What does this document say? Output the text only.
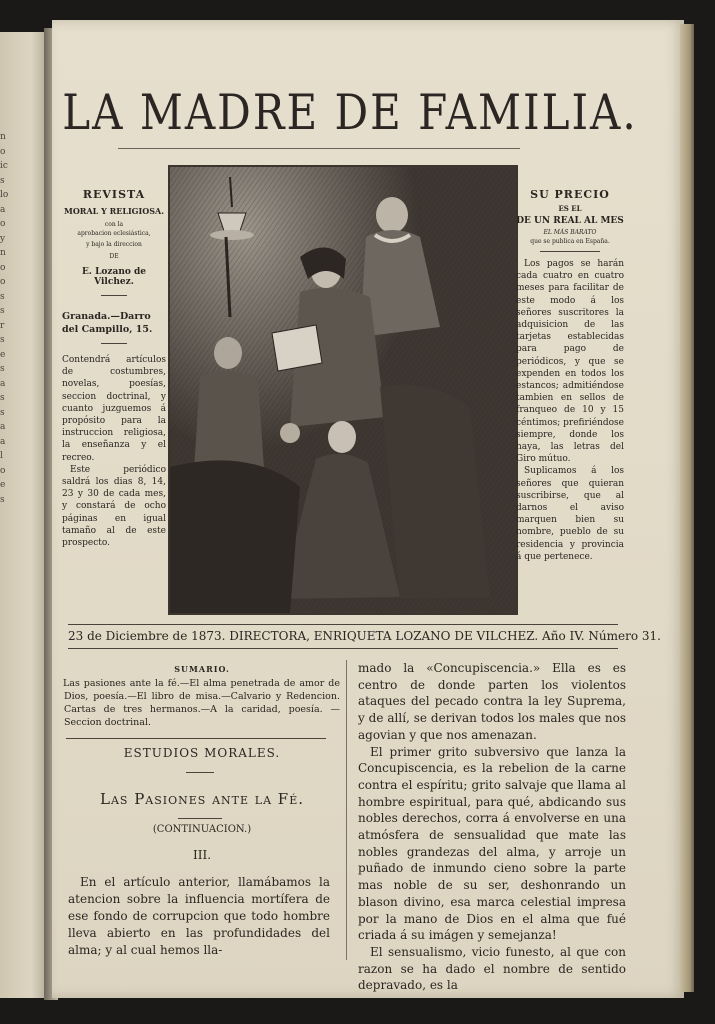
n
o
ic
s
lo
a
o
y
n
o
o
s
s
r
s
e
s
a
s
s
a
a
l
o
e
s
LA MADRE DE FAMILIA.
REVISTA
MORAL Y RELIGIOSA.
con la
aprobacion eclesiástica,
y bajo la direccion
DE
E. Lozano de Vilchez.
Granada.—Darro del Campillo, 15.
Contendrá artículos de costumbres, novelas, poesías, seccion doctrinal, y cuanto juzguemos á propósito para la instruccion religiosa, la enseñanza y el recreo.
Este periódico saldrá los dias 8, 14, 23 y 30 de cada mes, y constará de ocho páginas en igual tamaño al de este prospecto.
SU PRECIO
ES EL
DE UN REAL AL MES
EL MÁS BARATO
que se publica en España.
Los pagos se harán cada cuatro en cuatro meses para facilitar de este modo á los señores suscritores la adquisicion de las tarjetas establecidas para pago de periódicos, y que se expenden en todos los estancos; admitiéndose tambien en sellos de franqueo de 10 y 15 céntimos; prefiriéndose siempre, donde los haya, las letras del Giro mútuo.
Suplicamos á los señores que quieran suscribirse, que al darnos el aviso marquen bien su nombre, pueblo de su residencia y provincia á que pertenece.
23 de Diciembre de 1873. DIRECTORA, ENRIQUETA LOZANO DE VILCHEZ. Año IV. Número 31.
SUMARIO.
Las pasiones ante la fé.—El alma penetrada de amor de Dios, poesía.—El libro de misa.—Calvario y Redencion. Cartas de tres hermanos.—A la caridad, poesía. —Seccion doctrinal.
ESTUDIOS MORALES.
Las Pasiones ante la Fé.
(CONTINUACION.)
III.
En el artículo anterior, llamábamos la atencion sobre la influencia mortífera de ese fondo de corrupcion que todo hombre lleva abierto en las profundidades del alma; y al cual hemos lla-

mado la «Concupiscencia.» Ella es es centro de donde parten los violentos ataques del pecado contra la ley Suprema, y de allí, se derivan todos los males que nos agovian y que nos amenazan.

El primer grito subversivo que lanza la Concupiscencia, es la rebelion de la carne contra el espíritu; grito salvaje que llama al hombre espiritual, para qué, abdicando sus nobles derechos, corra á envolverse en una atmósfera de sensualidad que mate las nobles grandezas del alma, y arroje un puñado de inmundo cieno sobre la parte mas noble de su ser, deshonrando un blason divino, esa marca celestial impresa por la mano de Dios en el alma que fué criada á su imágen y semejanza!

El sensualismo, vicio funesto, al que con razon se ha dado el nombre de sentido depravado, es la
